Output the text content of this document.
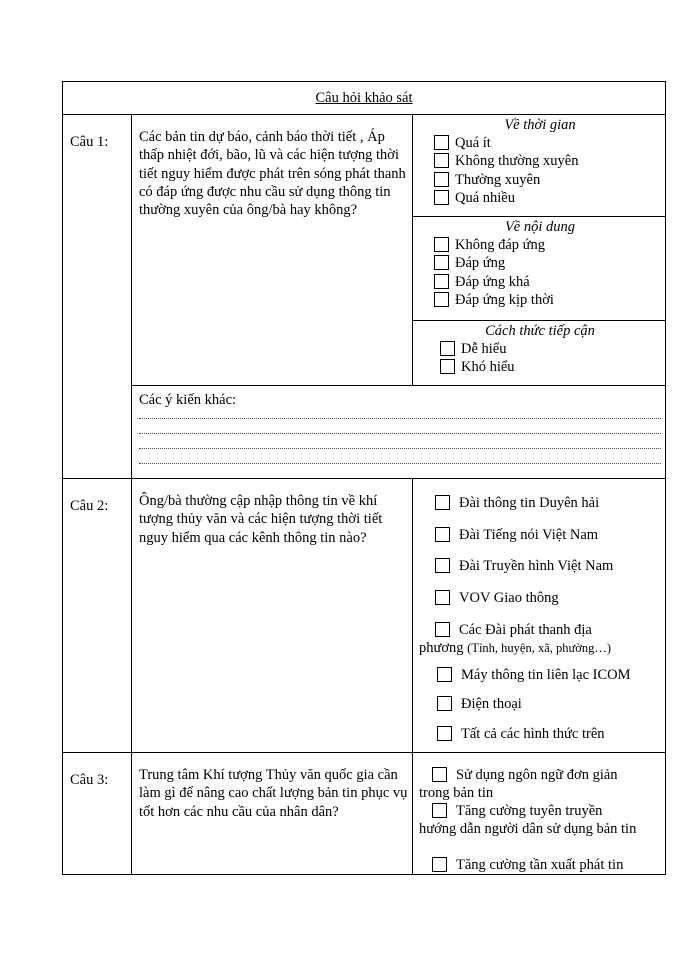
Câu hỏi khảo sát
Câu 1: Các bản tin dự báo, cảnh báo thời tiết , Áp thấp nhiệt đới, bão, lũ và các hiện tượng thời tiết nguy hiểm được phát trên sóng phát thanh có đáp ứng được nhu cầu sử dụng thông tin thường xuyên của ông/bà hay không?
Về thời gian
Quá ít
Không thường xuyên
Thường xuyên
Quá nhiều
Về nội dung
Không đáp ứng
Đáp ứng
Đáp ứng khá
Đáp ứng kịp thời
Cách thức tiếp cận
Dễ hiểu
Khó hiểu
Các ý kiến khác:
Câu 2: Ông/bà thường cập nhập thông tin về khí tượng thủy văn và các hiện tượng thời tiết nguy hiểm qua các kênh thông tin nào?
Đài thông tin Duyên hải
Đài Tiếng nói Việt Nam
Đài Truyền hình Việt Nam
VOV Giao thông
Các Đài phát thanh địa
phương (Tỉnh, huyện, xã, phường…)
Máy thông tin liên lạc ICOM
Điện thoại
Tất cả các hình thức trên
Câu 3: Trung tâm Khí tượng Thủy văn quốc gia cần làm gì để nâng cao chất lượng bản tin phục vụ tốt hơn các nhu cầu của nhân dân?
Sử dụng ngôn ngữ đơn giản
trong bản tin
Tăng cường tuyên truyền
hướng dẫn người dân sử dụng bản tin
Tăng cường tần xuất phát tin
